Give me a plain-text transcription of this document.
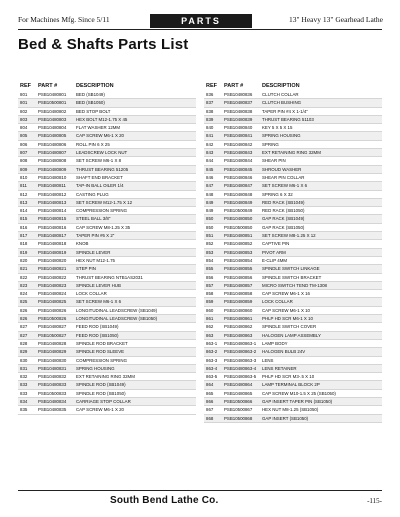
For Machines Mfg. Since 5/11	PARTS	13" Heavy 13" Gearhead Lathe
Bed & Shafts Parts List
REF PART #	DESCRIPTION
801 PSB10480801 BED (SB1049)
801 PSB10500801 BED (SB1050)
802 PSB10480802 BED STOP BOLT
803 PSB10480803 HEX BOLT M12-1.75 X 45
804 PSB10480804 FLAT WASHER 12MM
805 PSB10480805 CAP SCREW M6-1 X 20
806 PSB10480806 ROLL PIN 6 X 25
807 PSB10480807 LEADSCREW LOCK NUT
808 PSB10480808 SET SCREW M6-1 X 8
809 PSB10480809 THRUST BEARING 51205
810 PSB10480810 SHAFT END BRACKET
811	PSB10480811 TAP-IN BALL OILER 1/4
812 PSB10480812 CASTING PLUG
813 PSB10480813 SET SCREW M12-1.75 X 12
814 PSB10480814 COMPRESSION SPRING
815 PSB10480815 STEEL BALL 3/8"
816 PSB10480816 CAP SCREW M8-1.25 X 35
817 PSB10480817 TAPER PIN #6 X 2"
818 PSB10480818 KNOB
819 PSB10480819 SPINDLE LEVER
820 PSB10480820 HEX NUT M12-1.75
821 PSB10480821 STEP PIN
822 PSB10480822 THRUST BEARING NTB1AS2031
823 PSB10480823 SPINDLE LEVER HUB
824 PSB10480824 LOCK COLLAR
825 PSB10480825 SET SCREW M6-1 X 6
826 PSB10480826 LONGITUDINAL LEADSCREW (SB1049)
826 PSB10500826 LONGITUDINAL LEADSCREW (SB1050)
827 PSB10480827 FEED ROD (SB1049)
827 PSB10500827 FEED ROD (SB1050)
828 PSB10480828 SPINDLE ROD BRACKET
829 PSB10480829 SPINDLE ROD SLEEVE
830 PSB10480830 COMPRESSION SPRING
831 PSB10480831 SPRING HOUSING
832 PSB10480832 EXT RETAINING RING 32MM
833 PSB10480833 SPINDLE ROD (SB1049)
833 PSB10500833 SPINDLE ROD (SB1050)
834 PSB10480834 CARRIAGE STOP COLLAR
835 PSB10480835 CAP SCREW M6-1 X 20
REF PART #	DESCRIPTION
836 PSB10480836 CLUTCH COLLAR
837 PSB10480837 CLUTCH BUSHING
838 PSB10480838 TAPER PIN #4 X 1-1/4"
839 PSB10480839 THRUST BEARING 51103
840 PSB10480840 KEY 5 X 5 X 15
841 PSB10480841 SPRING HOUSING
842 PSB10480842 SPRING
843 PSB10480843 EXT RETAINING RING 32MM
844 PSB10480844 SHEAR PIN
845 PSB10480845 SHROUD WASHER
846 PSB10480846 SHEAR PIN COLLAR
847 PSB10480847 SET SCREW M6-1 X 6
848 PSB10480848 SPRING 6 X 32
849 PSB10480849 RED RACK (SB1049)
849 PSB10500849 RED RACK (SB1050)
850 PSB10480850 GAP RACK (SB1049)
850 PSB10500850 GAP RACK (SB1050)
851 PSB10480851 SET SCREW M8-1.25 X 12
852 PSB10480852 CAPTIVE PIN
853 PSB10480853 PIVOT ARM
854 PSB10480854 E-CLIP 4MM
855 PSB10480855 SPINDLE SWITCH LINKAGE
856 PSB10480856 SPINDLE SWITCH BRACKET
857 PSB10480857 MICRO SWITCH TEND TM-1308
858 PSB10480858 CAP SCREW M6-1 X 16
859 PSB10480859 LOCK COLLAR
860 PSB10480860 CAP SCREW M6-1 X 10
861 PSB10480861 PHLP HD SCR M6-1 X 10
862 PSB10480862 SPINDLE SWITCH COVER
863 PSB10480863 HALOGEN LAMP ASSEMBLY
863-1 PSB10480863-1 LAMP BODY
863-2 PSB10480863-2 HALOGEN BULB 24V
863-3 PSB10480863-3 LENS
863-4 PSB10480863-4 LENS RETAINER
863-5 PSB10480863-5 PHLP HD SCR M3-.5 X 10
864 PSB10480864 LAMP TERMINAL BLOCK 2P
865 PSB10480865 CAP SCREW M10-1.5 X 25 (SB1050)
866 PSB10500866 GAP INSERT TAPER PIN (SB1050)
867 PSB10500867 HEX NUT M8-1.25 (SB1050)
868 PSB10500868 GAP INSERT (SB1050)
South Bend Lathe Co.	-115-
